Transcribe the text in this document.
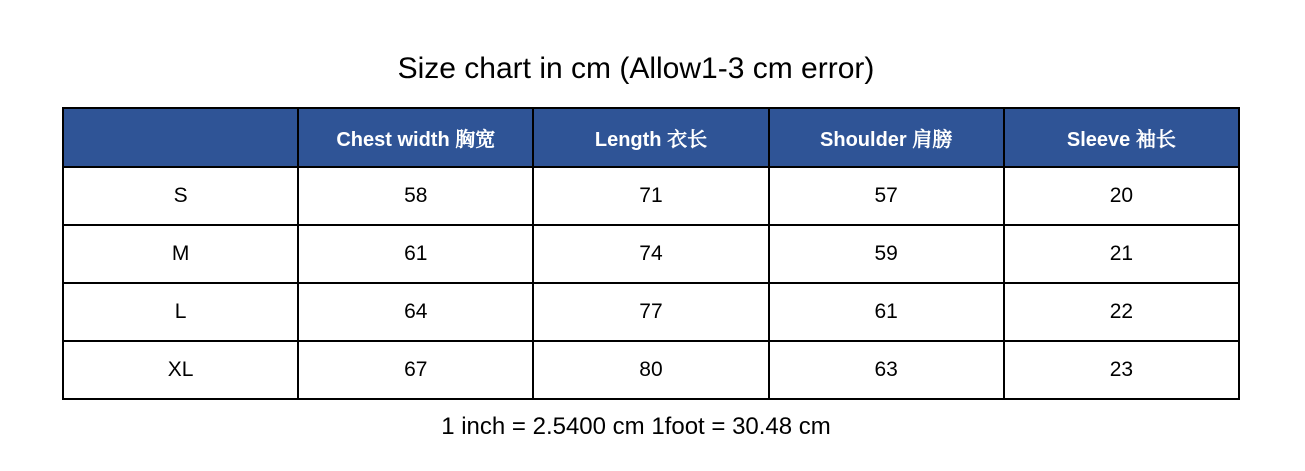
Size chart in cm (Allow1-3 cm error)
	Chest width 胸宽	Length 衣长	Shoulder 肩膀	Sleeve 袖长
S	58	71	57	20
M	61	74	59	21
L	64	77	61	22
XL	67	80	63	23
1 inch = 2.5400 cm 1foot = 30.48 cm
